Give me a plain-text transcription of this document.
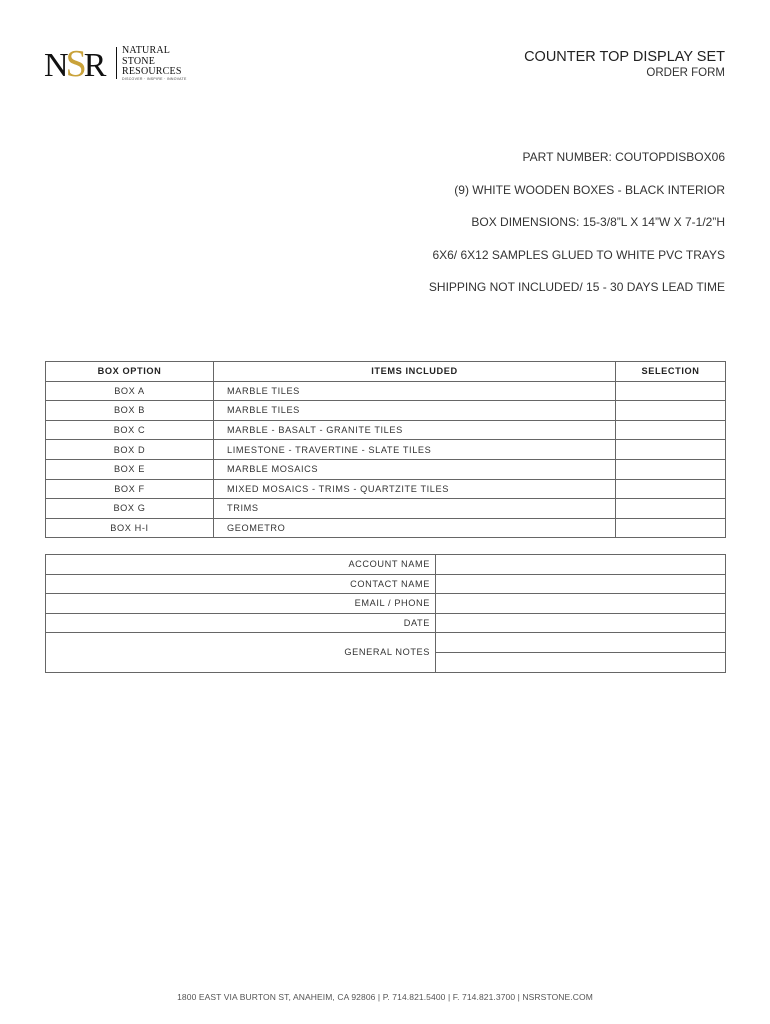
NSR NATURAL
STONE
RESOURCES
DISCOVER · INSPIRE · INNOVATE
COUNTER TOP DISPLAY SET
ORDER FORM
PART NUMBER: COUTOPDISBOX06
(9) WHITE WOODEN BOXES - BLACK INTERIOR
BOX DIMENSIONS: 15-3/8”L X 14”W X 7-1/2”H
6X6/ 6X12 SAMPLES GLUED TO WHITE PVC TRAYS
SHIPPING NOT INCLUDED/ 15 - 30 DAYS LEAD TIME
BOX OPTION	ITEMS INCLUDED	SELECTION
BOX A	MARBLE TILES	
BOX B	MARBLE TILES	
BOX C	MARBLE - BASALT - GRANITE TILES	
BOX D	LIMESTONE - TRAVERTINE - SLATE TILES	
BOX E	MARBLE MOSAICS	
BOX F	MIXED MOSAICS - TRIMS - QUARTZITE TILES	
BOX G	TRIMS	
BOX H-I	GEOMETRO	
ACCOUNT NAME	
CONTACT NAME	
EMAIL / PHONE	
DATE	
GENERAL NOTES	

1800 EAST VIA BURTON ST, ANAHEIM, CA 92806 | P. 714.821.5400 | F. 714.821.3700 | NSRSTONE.COM
